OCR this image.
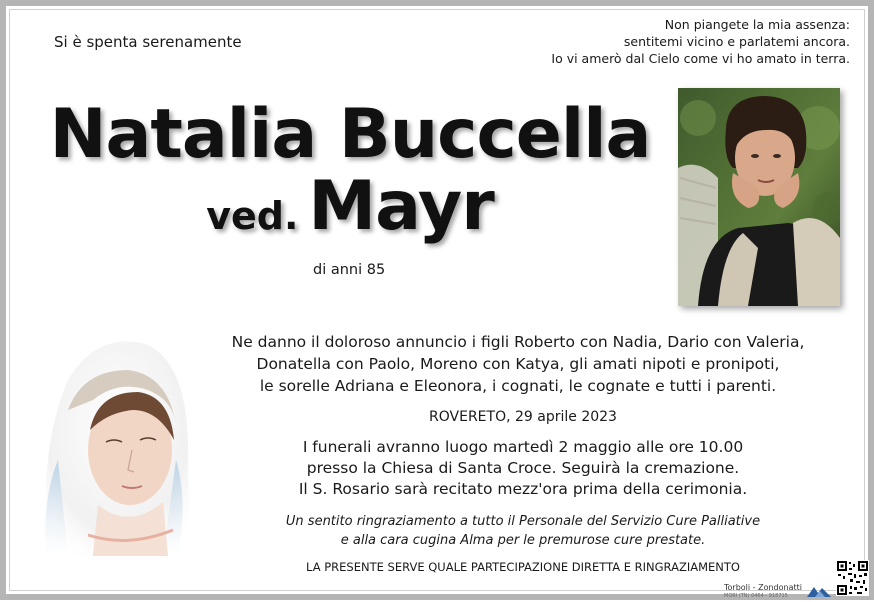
Si è spenta serenamente
Non piangete la mia assenza:
sentitemi vicino e parlatemi ancora.
Io vi amerò dal Cielo come vi ho amato in terra.
Natalia Buccella
ved. Mayr
di anni 85
Ne danno il doloroso annuncio i figli Roberto con Nadia, Dario con Valeria,
Donatella con Paolo, Moreno con Katya, gli amati nipoti e pronipoti,
le sorelle Adriana e Eleonora, i cognati, le cognate e tutti i parenti.
ROVERETO, 29 aprile 2023
I funerali avranno luogo martedì 2 maggio alle ore 10.00
presso la Chiesa di Santa Croce. Seguirà la cremazione.
Il S. Rosario sarà recitato mezz'ora prima della cerimonia.
Un sentito ringraziamento a tutto il Personale del Servizio Cure Palliative
e alla cara cugina Alma per le premurose cure prestate.
LA PRESENTE SERVE QUALE PARTECIPAZIONE DIRETTA E RINGRAZIAMENTO
Torboli - Zondonatti
MORI (TN) 0464 - 918715
